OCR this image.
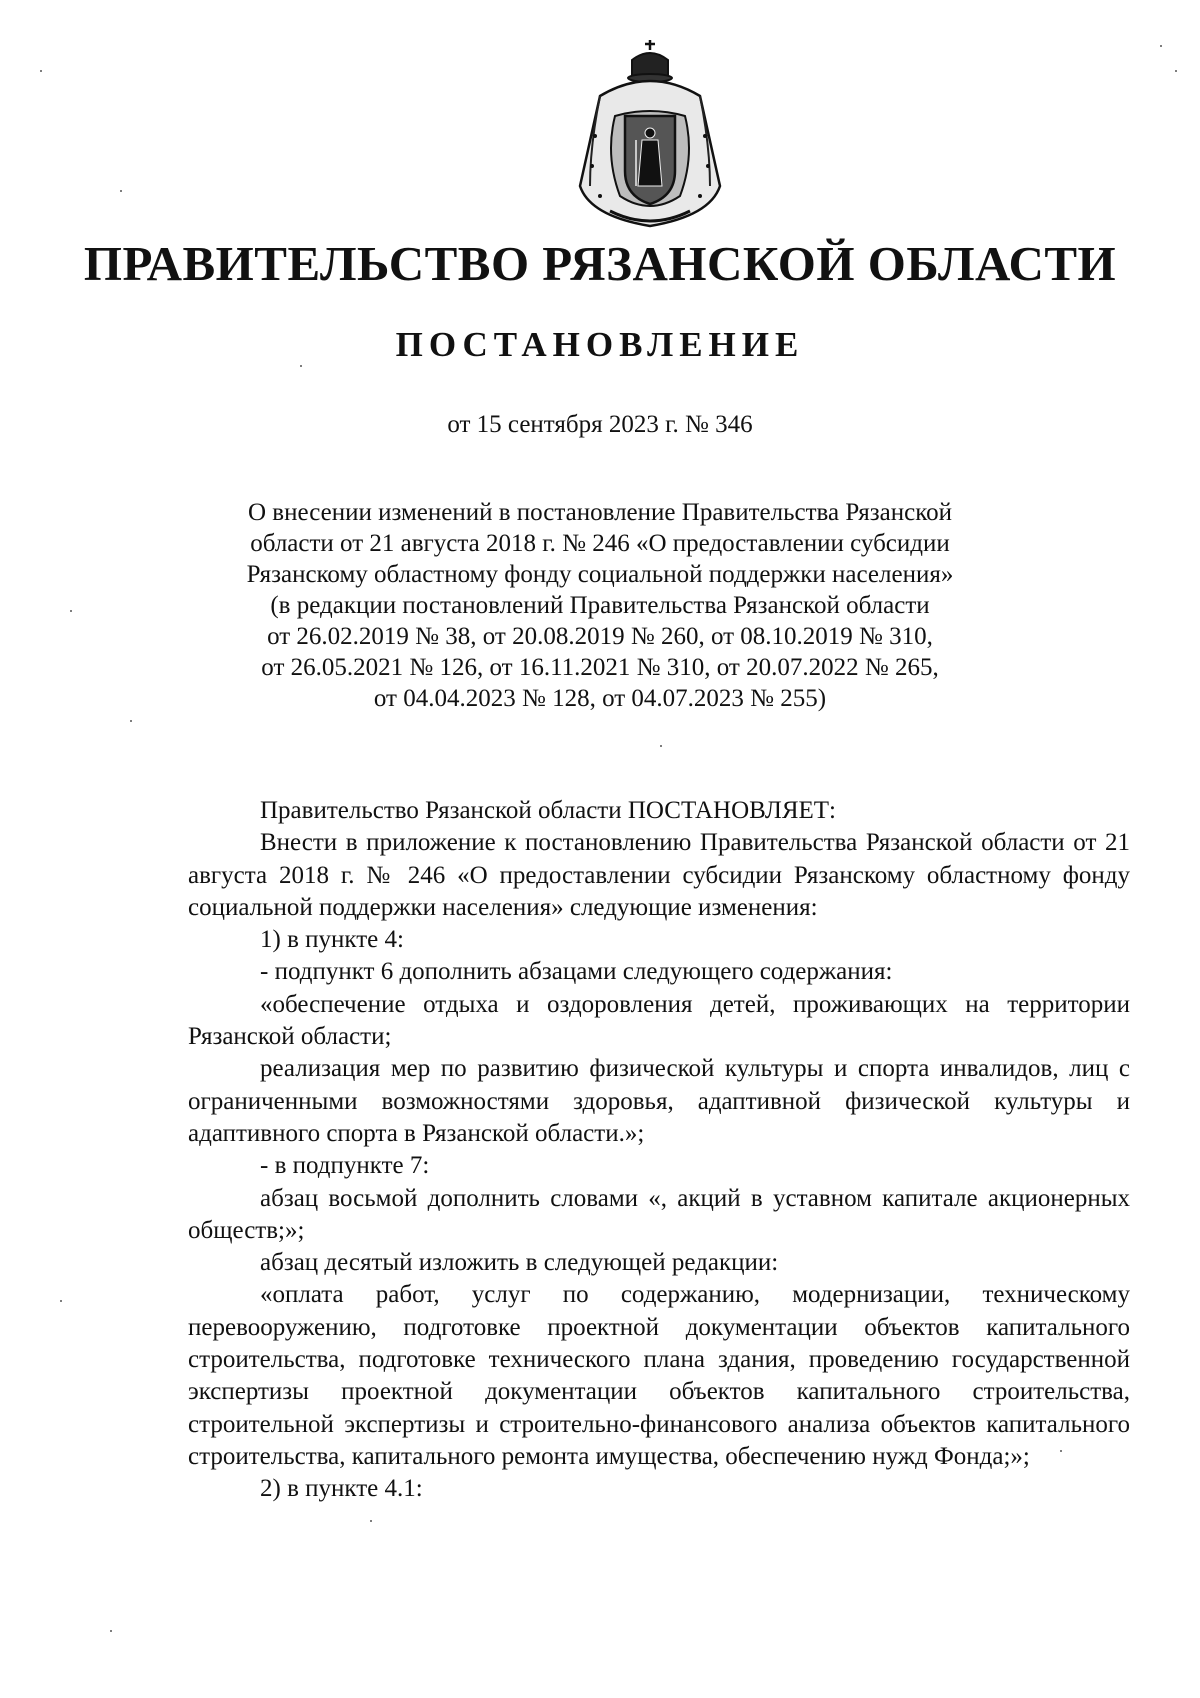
ПРАВИТЕЛЬСТВО РЯЗАНСКОЙ ОБЛАСТИ
ПОСТАНОВЛЕНИЕ
от 15 сентября 2023 г. № 346
О внесении изменений в постановление Правительства Рязанской
области от 21 августа 2018 г. № 246 «О предоставлении субсидии
Рязанскому областному фонду социальной поддержки населения»
(в редакции постановлений Правительства Рязанской области
от 26.02.2019 № 38, от 20.08.2019 № 260, от 08.10.2019 № 310,
от 26.05.2021 № 126, от 16.11.2021 № 310, от 20.07.2022 № 265,
от 04.04.2023 № 128, от 04.07.2023 № 255)

Правительство Рязанской области ПОСТАНОВЛЯЕТ:

Внести в приложение к постановлению Правительства Рязанской области от 21 августа 2018 г. № 246 «О предоставлении субсидии Рязанскому областному фонду социальной поддержки населения» следующие изменения:

1) в пункте 4:

- подпункт 6 дополнить абзацами следующего содержания:

«обеспечение отдыха и оздоровления детей, проживающих на территории Рязанской области;

реализация мер по развитию физической культуры и спорта инвалидов, лиц с ограниченными возможностями здоровья, адаптивной физической культуры и адаптивного спорта в Рязанской области.»;

- в подпункте 7:

абзац восьмой дополнить словами «, акций в уставном капитале акционерных обществ;»;

абзац десятый изложить в следующей редакции:

«оплата работ, услуг по содержанию, модернизации, техническому перевооружению, подготовке проектной документации объектов капитального строительства, подготовке технического плана здания, проведению государственной экспертизы проектной документации объектов капитального строительства, строительной экспертизы и строительно-финансового анализа объектов капитального строительства, капитального ремонта имущества, обеспечению нужд Фонда;»;

2) в пункте 4.1:
